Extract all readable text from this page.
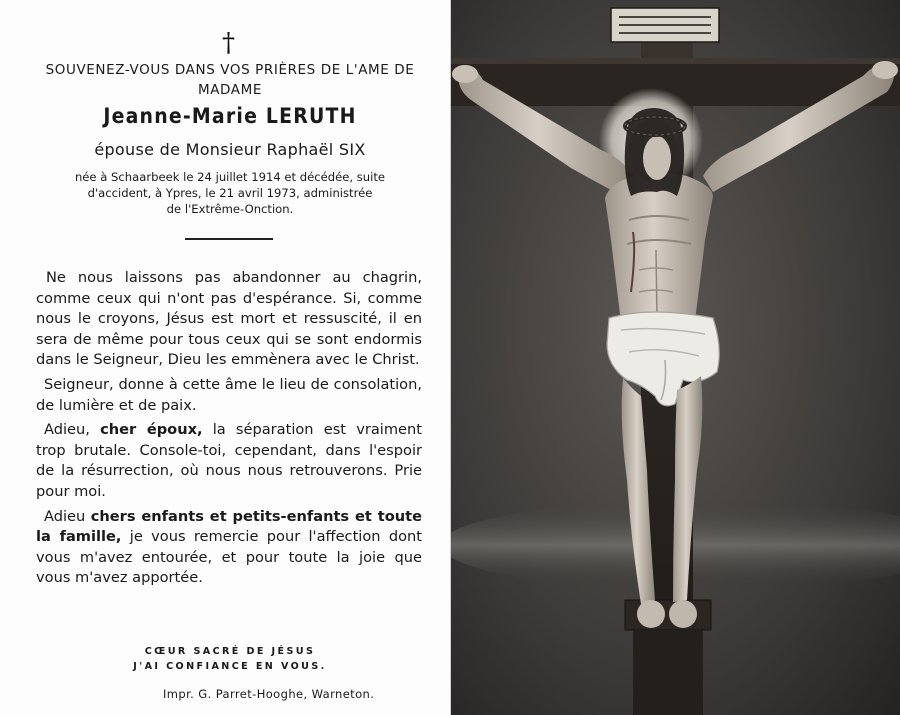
†
SOUVENEZ-VOUS DANS VOS PRIÈRES DE L'AME DE
MADAME
Jeanne-Marie LERUTH
épouse de Monsieur Raphaël SIX
née à Schaarbeek le 24 juillet 1914 et décédée, suite
d'accident, à Ypres, le 21 avril 1973, administrée
de l'Extrême-Onction.

Ne nous laissons pas abandonner au chagrin, comme ceux qui n'ont pas d'espérance. Si, comme nous le croyons, Jésus est mort et ressuscité, il en sera de même pour tous ceux qui se sont endormis dans le Seigneur, Dieu les emmènera avec le Christ.

Seigneur, donne à cette âme le lieu de consolation, de lumière et de paix.

Adieu, cher époux, la séparation est vraiment trop brutale. Console-toi, cependant, dans l'espoir de la résurrection, où nous nous retrouverons. Prie pour moi.

Adieu chers enfants et petits-enfants et toute la famille, je vous remercie pour l'affection dont vous m'avez entourée, et pour toute la joie que vous m'avez apportée.

CŒUR SACRÉ DE JÉSUS
J'AI CONFIANCE EN VOUS.
Impr. G. Parret-Hooghe, Warneton.
